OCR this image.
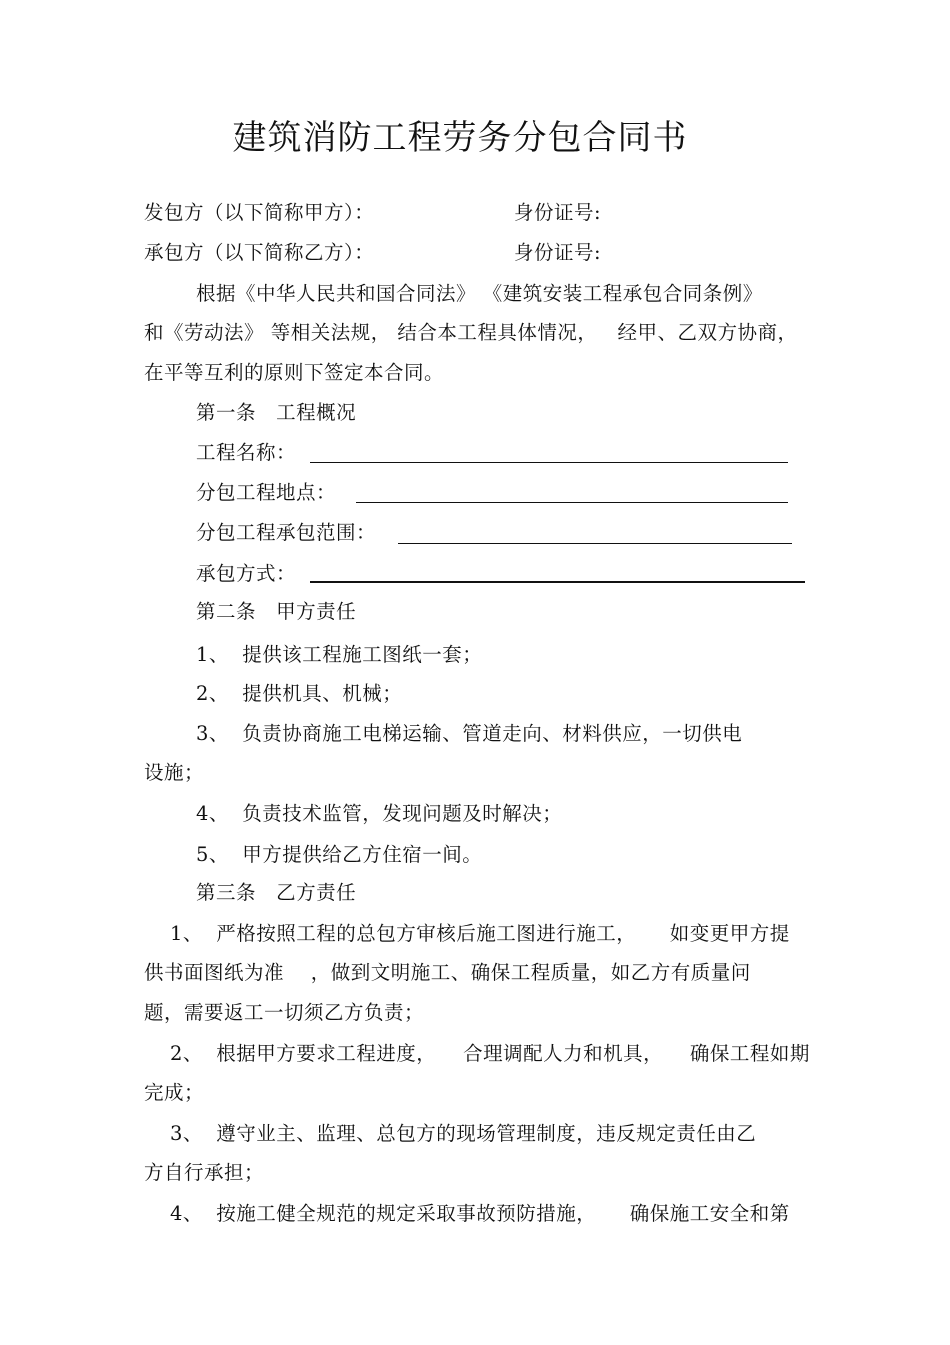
建筑消防工程劳务分包合同书
发包方（以下简称甲方）：	身份证号:
承包方（以下简称乙方）：	身份证号:
根据《中华人民共和国合同法》 《建筑安装工程承包合同条例》
和《劳动法》 等相关法规， 结合本工程具体情况，   经甲、乙双方协商，
在平等互利的原则下签定本合同。
第一条   工程概况
工程名称：
分包工程地点：
分包工程承包范围：
承包方式：
第二条   甲方责任
1、  提供该工程施工图纸一套；
2、  提供机具、机械；
3、  负责协商施工电梯运输、管道走向、材料供应，一切供电
设施；
4、  负责技术监管，发现问题及时解决；
5、  甲方提供给乙方住宿一间。
第三条   乙方责任
1、  严格按照工程的总包方审核后施工图进行施工，     如变更甲方提
供书面图纸为准    ，做到文明施工、确保工程质量，如乙方有质量问
题，需要返工一切须乙方负责；
2、  根据甲方要求工程进度，    合理调配人力和机具，    确保工程如期
完成；
3、  遵守业主、监理、总包方的现场管理制度，违反规定责任由乙
方自行承担；
4、  按施工健全规范的规定采取事故预防措施，     确保施工安全和第
